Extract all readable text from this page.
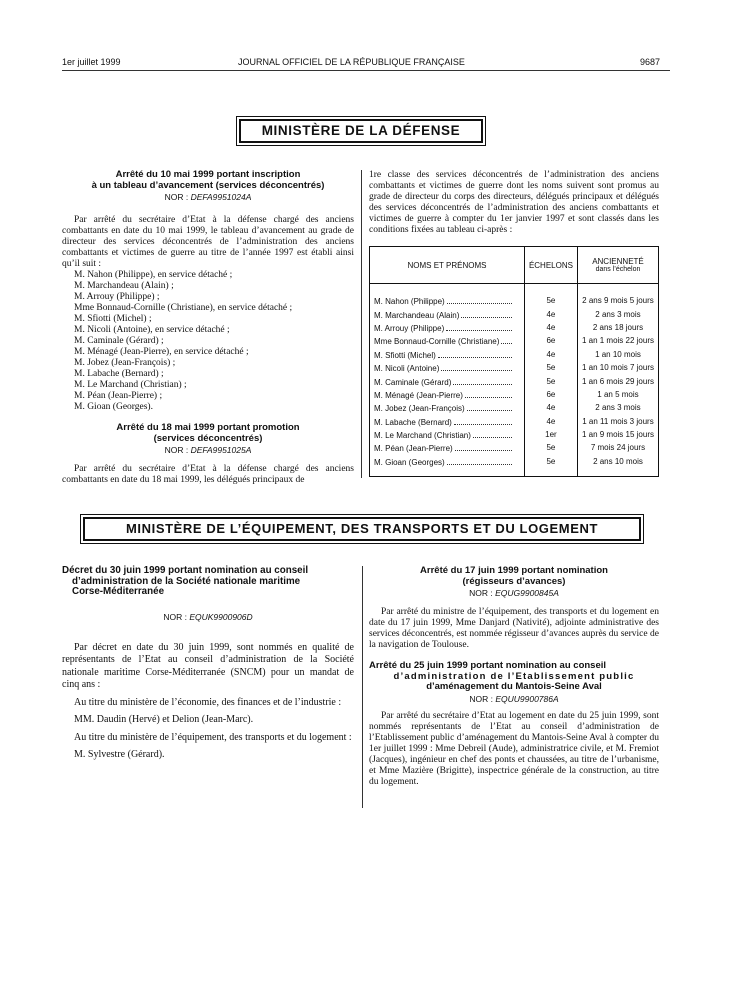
1er juillet 1999	JOURNAL OFFICIEL DE LA RÉPUBLIQUE FRANÇAISE	9687
MINISTÈRE DE LA DÉFENSE
Arrêté du 10 mai 1999 portant inscription
à un tableau d’avancement (services déconcentrés)
NOR : DEFA9951024A

Par arrêté du secrétaire d’Etat à la défense chargé des anciens combattants en date du 10 mai 1999, le tableau d’avancement au grade de directeur des services déconcentrés de l’administration des anciens combattants et victimes de guerre au titre de l’année 1997 est établi ainsi qu’il suit :

M. Nahon (Philippe), en service détaché ;
M. Marchandeau (Alain) ;
M. Arrouy (Philippe) ;
Mme Bonnaud-Cornille (Christiane), en service détaché ;
M. Sfiotti (Michel) ;
M. Nicoli (Antoine), en service détaché ;
M. Caminale (Gérard) ;
M. Ménagé (Jean-Pierre), en service détaché ;
M. Jobez (Jean-François) ;
M. Labache (Bernard) ;
M. Le Marchand (Christian) ;
M. Péan (Jean-Pierre) ;
M. Gioan (Georges).
Arrêté du 18 mai 1999 portant promotion
(services déconcentrés)
NOR : DEFA9951025A

Par arrêté du secrétaire d’Etat à la défense chargé des anciens combattants en date du 18 mai 1999, les délégués principaux de

1re classe des services déconcentrés de l’administration des anciens combattants et victimes de guerre dont les noms suivent sont promus au grade de directeur du corps des directeurs, délégués principaux et délégués des services déconcentrés de l’administration des anciens combattants et victimes de guerre à compter du 1er janvier 1997 et sont classés dans les conditions fixées au tableau ci-après :

NOMS ET PRÉNOMS	ÉCHELONS	ANCIENNETÉ
dans l’échelon

M. Nahon (Philippe)	5e	2 ans 9 mois 5 jours
M. Marchandeau (Alain)	4e	2 ans 3 mois
M. Arrouy (Philippe)	4e	2 ans 18 jours
Mme Bonnaud-Cornille (Christiane)	6e	1 an 1 mois 22 jours
M. Sfiotti (Michel)	4e	1 an 10 mois
M. Nicoli (Antoine)	5e	1 an 10 mois 7 jours
M. Caminale (Gérard)	5e	1 an 6 mois 29 jours
M. Ménagé (Jean-Pierre)	6e	1 an 5 mois
M. Jobez (Jean-François)	4e	2 ans 3 mois
M. Labache (Bernard)	4e	1 an 11 mois 3 jours
M. Le Marchand (Christian)	1er	1 an 9 mois 15 jours
M. Péan (Jean-Pierre)	5e	7 mois 24 jours
M. Gioan (Georges)	5e	2 ans 10 mois
MINISTÈRE DE L’ÉQUIPEMENT, DES TRANSPORTS ET DU LOGEMENT
Décret du 30 juin 1999 portant nomination au conseil
d’administration de la Société nationale maritime
Corse-Méditerranée
NOR : EQUK9900906D

Par décret en date du 30 juin 1999, sont nommés en qualité de représentants de l’Etat au conseil d’administration de la Société nationale maritime Corse-Méditerranée (SNCM) pour un mandat de cinq ans :

Au titre du ministère de l’économie, des finances et de l’industrie :

MM. Daudin (Hervé) et Delion (Jean-Marc).

Au titre du ministère de l’équipement, des transports et du logement :

M. Sylvestre (Gérard).

Arrêté du 17 juin 1999 portant nomination
(régisseurs d’avances)
NOR : EQUG9900845A

Par arrêté du ministre de l’équipement, des transports et du logement en date du 17 juin 1999, Mme Danjard (Nativité), adjointe administrative des services déconcentrés, est nommée régisseur d’avances auprès du service de la navigation de Toulouse.

Arrêté du 25 juin 1999 portant nomination au conseil
d’administration de l’Etablissement public
d’aménagement du Mantois-Seine Aval
NOR : EQUU9900786A

Par arrêté du secrétaire d’Etat au logement en date du 25 juin 1999, sont nommés représentants de l’Etat au conseil d’administration de l’Etablissement public d’aménagement du Mantois-Seine Aval à compter du 1er juillet 1999 : Mme Debreil (Aude), administratrice civile, et M. Fremiot (Jacques), ingénieur en chef des ponts et chaussées, au titre de l’urbanisme, et Mme Mazière (Brigitte), inspectrice générale de la construction, au titre du logement.
